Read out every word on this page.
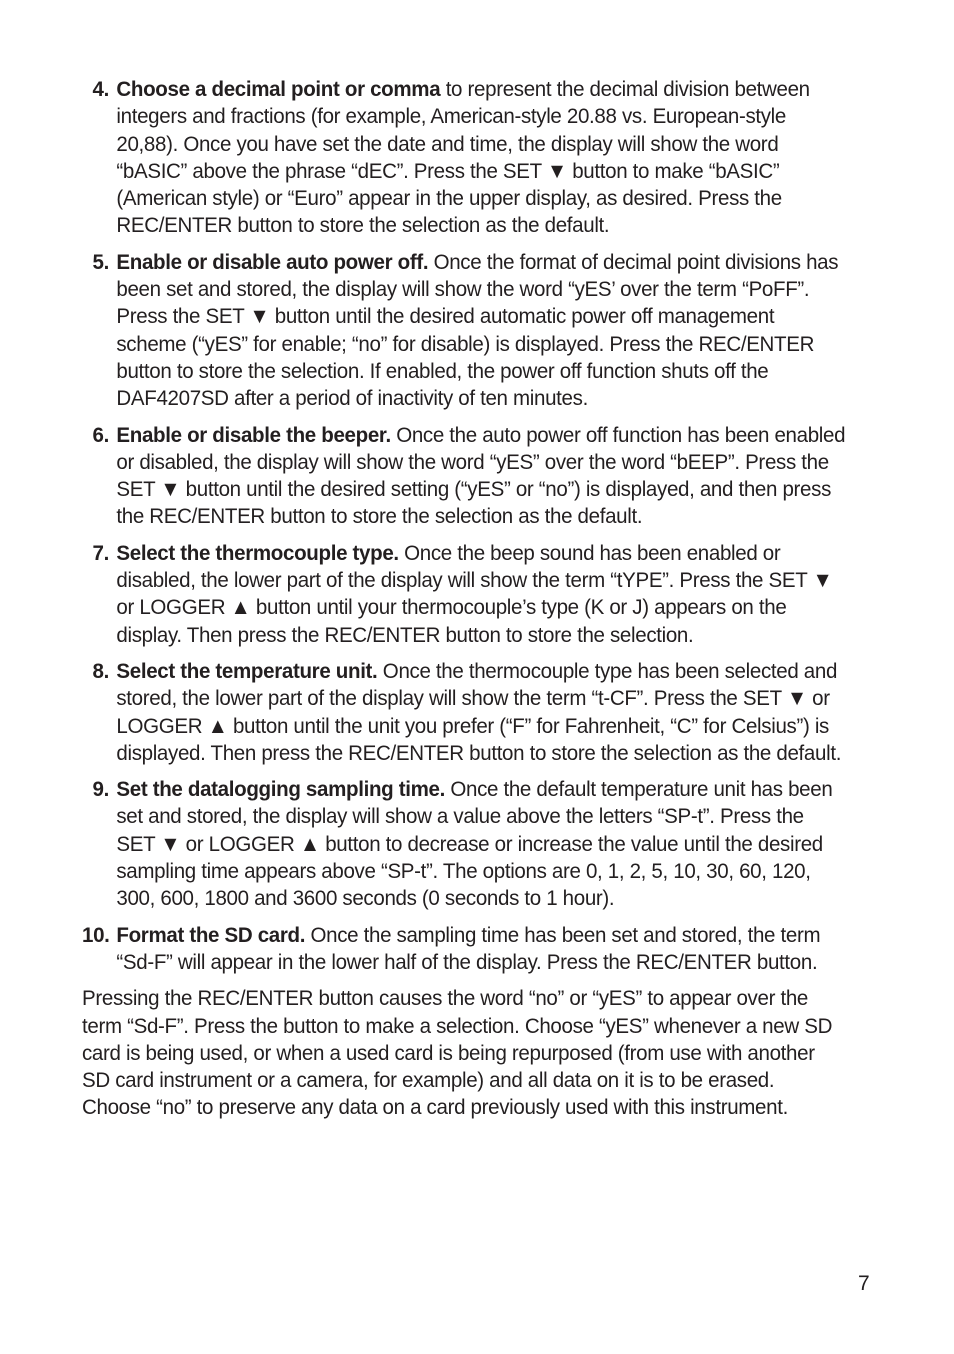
4. Choose a decimal point or comma to represent the decimal division between integers and fractions (for example, American-style 20.88 vs. European-style 20,88). Once you have set the date and time, the display will show the word “bASIC” above the phrase “dEC”. Press the SET ▼ button to make “bASIC” (American style) or “Euro” appear in the upper display, as desired. Press the REC/ENTER button to store the selection as the default.
5. Enable or disable auto power off. Once the format of decimal point divisions has been set and stored, the display will show the word “yES’ over the term “PoFF”. Press the SET ▼ button until the desired automatic power off management scheme (“yES” for enable; “no” for disable) is displayed. Press the REC/ENTER button to store the selection. If enabled, the power off function shuts off the DAF4207SD after a period of inactivity of ten minutes.
6. Enable or disable the beeper. Once the auto power off function has been enabled or disabled, the display will show the word “yES” over the word “bEEP”. Press the SET ▼ button until the desired setting (“yES” or “no”) is displayed, and then press the REC/ENTER button to store the selection as the default.
7. Select the thermocouple type. Once the beep sound has been enabled or disabled, the lower part of the display will show the term “tYPE”. Press the SET ▼ or LOGGER ▲ button until your thermocouple’s type (K or J) appears on the display. Then press the REC/ENTER button to store the selection.
8. Select the temperature unit. Once the thermocouple type has been selected and stored, the lower part of the display will show the term “t-CF”. Press the SET ▼ or LOGGER ▲ button until the unit you prefer (“F” for Fahrenheit, “C” for Celsius”) is displayed. Then press the REC/ENTER button to store the selection as the default.
9. Set the datalogging sampling time. Once the default temperature unit has been set and stored, the display will show a value above the letters “SP-t”. Press the SET ▼ or LOGGER ▲ button to decrease or increase the value until the desired sampling time appears above “SP-t”. The options are 0, 1, 2, 5, 10, 30, 60, 120, 300, 600, 1800 and 3600 seconds (0 seconds to 1 hour).
10. Format the SD card. Once the sampling time has been set and stored, the term “Sd-F” will appear in the lower half of the display. Press the REC/ENTER button.

Pressing the REC/ENTER button causes the word “no” or “yES” to appear over the term “Sd-F”. Press the button to make a selection. Choose “yES” whenever a new SD card is being used, or when a used card is being repurposed (from use with another SD card instrument or a camera, for example) and all data on it is to be erased. Choose “no” to preserve any data on a card previously used with this instrument.

7
